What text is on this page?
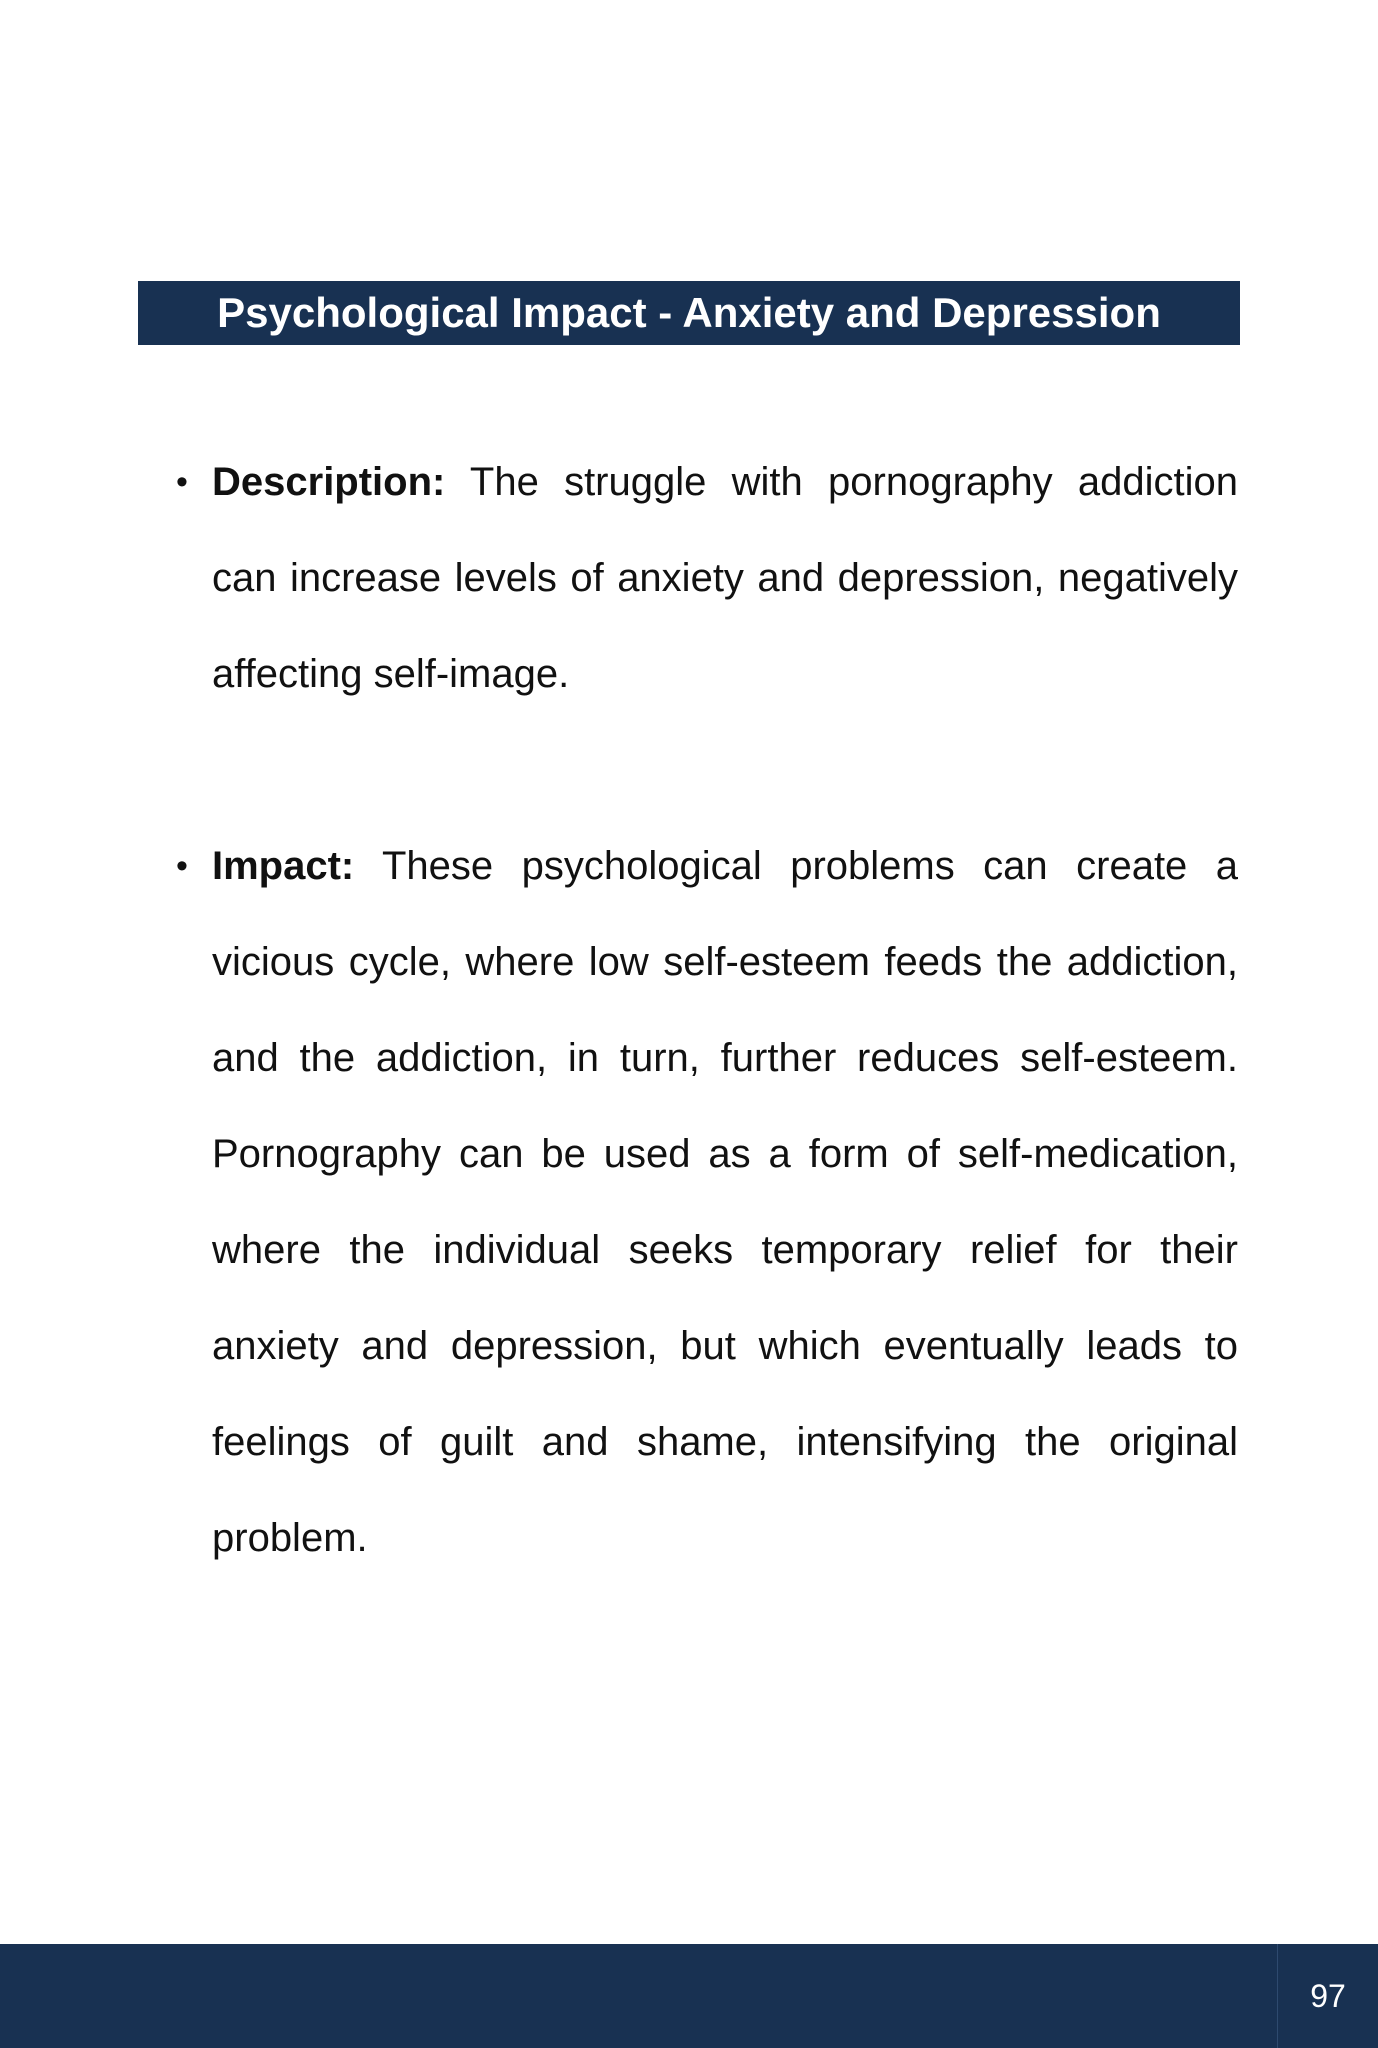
Psychological Impact - Anxiety and Depression
• Description: The struggle with pornography addiction can increase levels of anxiety and depression, negatively affecting self-image.
• Impact: These psychological problems can create a vicious cycle, where low self-esteem feeds the addiction, and the addiction, in turn, further reduces self-esteem. Pornography can be used as a form of self-medication, where the individual seeks temporary relief for their anxiety and depression, but which eventually leads to feelings of guilt and shame, intensifying the original problem.
97
